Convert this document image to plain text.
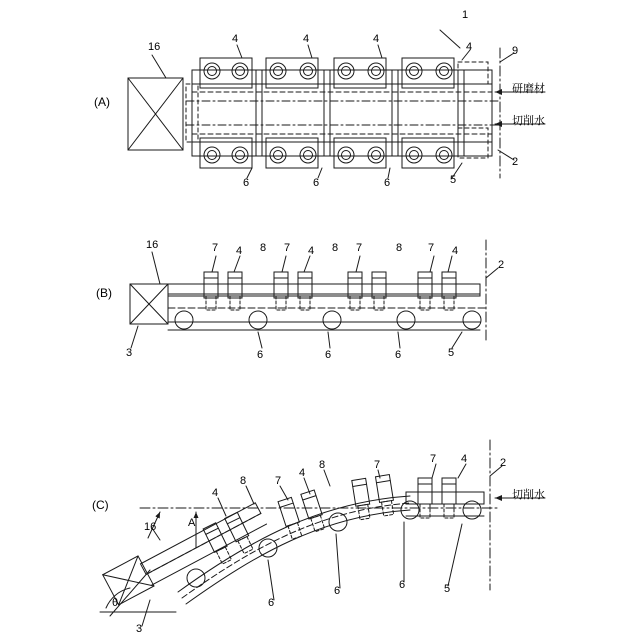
(A)
1
16
4	4	4
4	9
2
6	6	6	5
研磨材
切削水
(B)
16	7 4 8 7 4 8 7	8 7 4
2
3	6	6	6	5
(C)
4
8	7
4
8	7	7 4	2
16
3
6
6	6	5
A
θ
切削水
